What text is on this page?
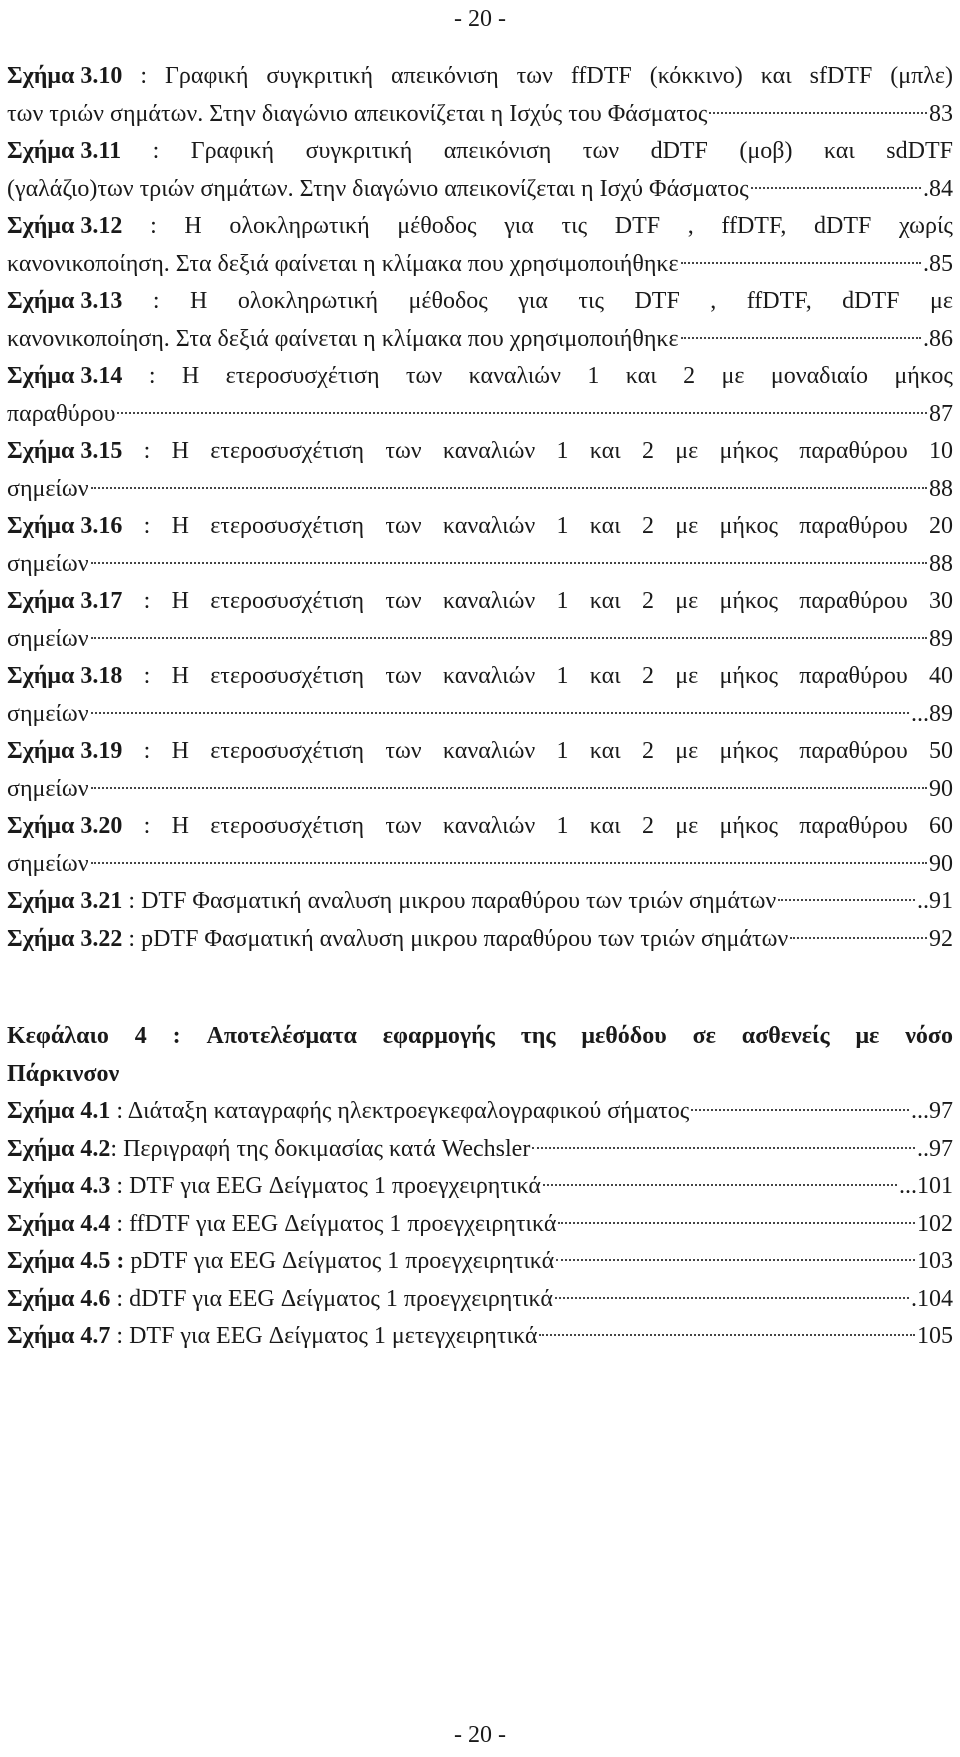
- 20 -
Σχήμα 3.10 : Γραφική συγκριτική απεικόνιση των ffDTF (κόκκινο) και sfDTF (μπλε)
των τριών σημάτων. Στην διαγώνιο απεικονίζεται η Ισχύς του Φάσματος	83
Σχήμα 3.11 : Γραφική συγκριτική απεικόνιση των dDTF (μοβ) και sdDTF
(γαλάζιο)των τριών σημάτων. Στην διαγώνιο απεικονίζεται η Ισχύ Φάσματος	.84
Σχήμα 3.12 : Η ολοκληρωτική μέθοδος για τις DTF , ffDTF, dDTF χωρίς
κανονικοποίηση. Στα δεξιά φαίνεται η κλίμακα που χρησιμοποιήθηκε	.85
Σχήμα 3.13 : Η ολοκληρωτική μέθοδος για τις DTF , ffDTF, dDTF με
κανονικοποίηση. Στα δεξιά φαίνεται η κλίμακα που χρησιμοποιήθηκε	.86
Σχήμα 3.14 : Η ετεροσυσχέτιση των καναλιών 1 και 2 με μοναδιαίο μήκος
παραθύρου	87
Σχήμα 3.15 : Η ετεροσυσχέτιση των καναλιών 1 και 2 με μήκος παραθύρου 10
σημείων	88
Σχήμα 3.16 : Η ετεροσυσχέτιση των καναλιών 1 και 2 με μήκος παραθύρου 20
σημείων	88
Σχήμα 3.17 : Η ετεροσυσχέτιση των καναλιών 1 και 2 με μήκος παραθύρου 30
σημείων	89
Σχήμα 3.18 : Η ετεροσυσχέτιση των καναλιών 1 και 2 με μήκος παραθύρου 40
σημείων	...89
Σχήμα 3.19 : Η ετεροσυσχέτιση των καναλιών 1 και 2 με μήκος παραθύρου 50
σημείων	90
Σχήμα 3.20 : Η ετεροσυσχέτιση των καναλιών 1 και 2 με μήκος παραθύρου 60
σημείων	90
Σχήμα
3.21 : DTF Φασματική αναλυση μικρου παραθύρου των τριών σημάτων	..91
Σχήμα
3.22 : pDTF Φασματική αναλυση μικρου παραθύρου των τριών σημάτων	92
Κεφάλαιο 4 : Αποτελέσματα εφαρμογής της μεθόδου σε ασθενείς με νόσο
Πάρκινσον
Σχήμα
4.1 : Διάταξη καταγραφής ηλεκτροεγκεφαλογραφικού σήματος	...97
Σχήμα
4.2 : Περιγραφή της δοκιμασίας κατά Wechsler	..97
Σχήμα
4.3 : DTF για EEG Δείγματος 1 προεγχειρητικά	...101
Σχήμα
4.4 : ffDTF για EEG Δείγματος 1 προεγχειρητικά	102
Σχήμα
4.5 : pDTF για EEG Δείγματος 1 προεγχειρητικά	103
Σχήμα
4.6 : dDTF για EEG Δείγματος 1 προεγχειρητικά	.104
Σχήμα
4.7 : DTF για EEG Δείγματος 1 μετεγχειρητικά	105
- 20 -
